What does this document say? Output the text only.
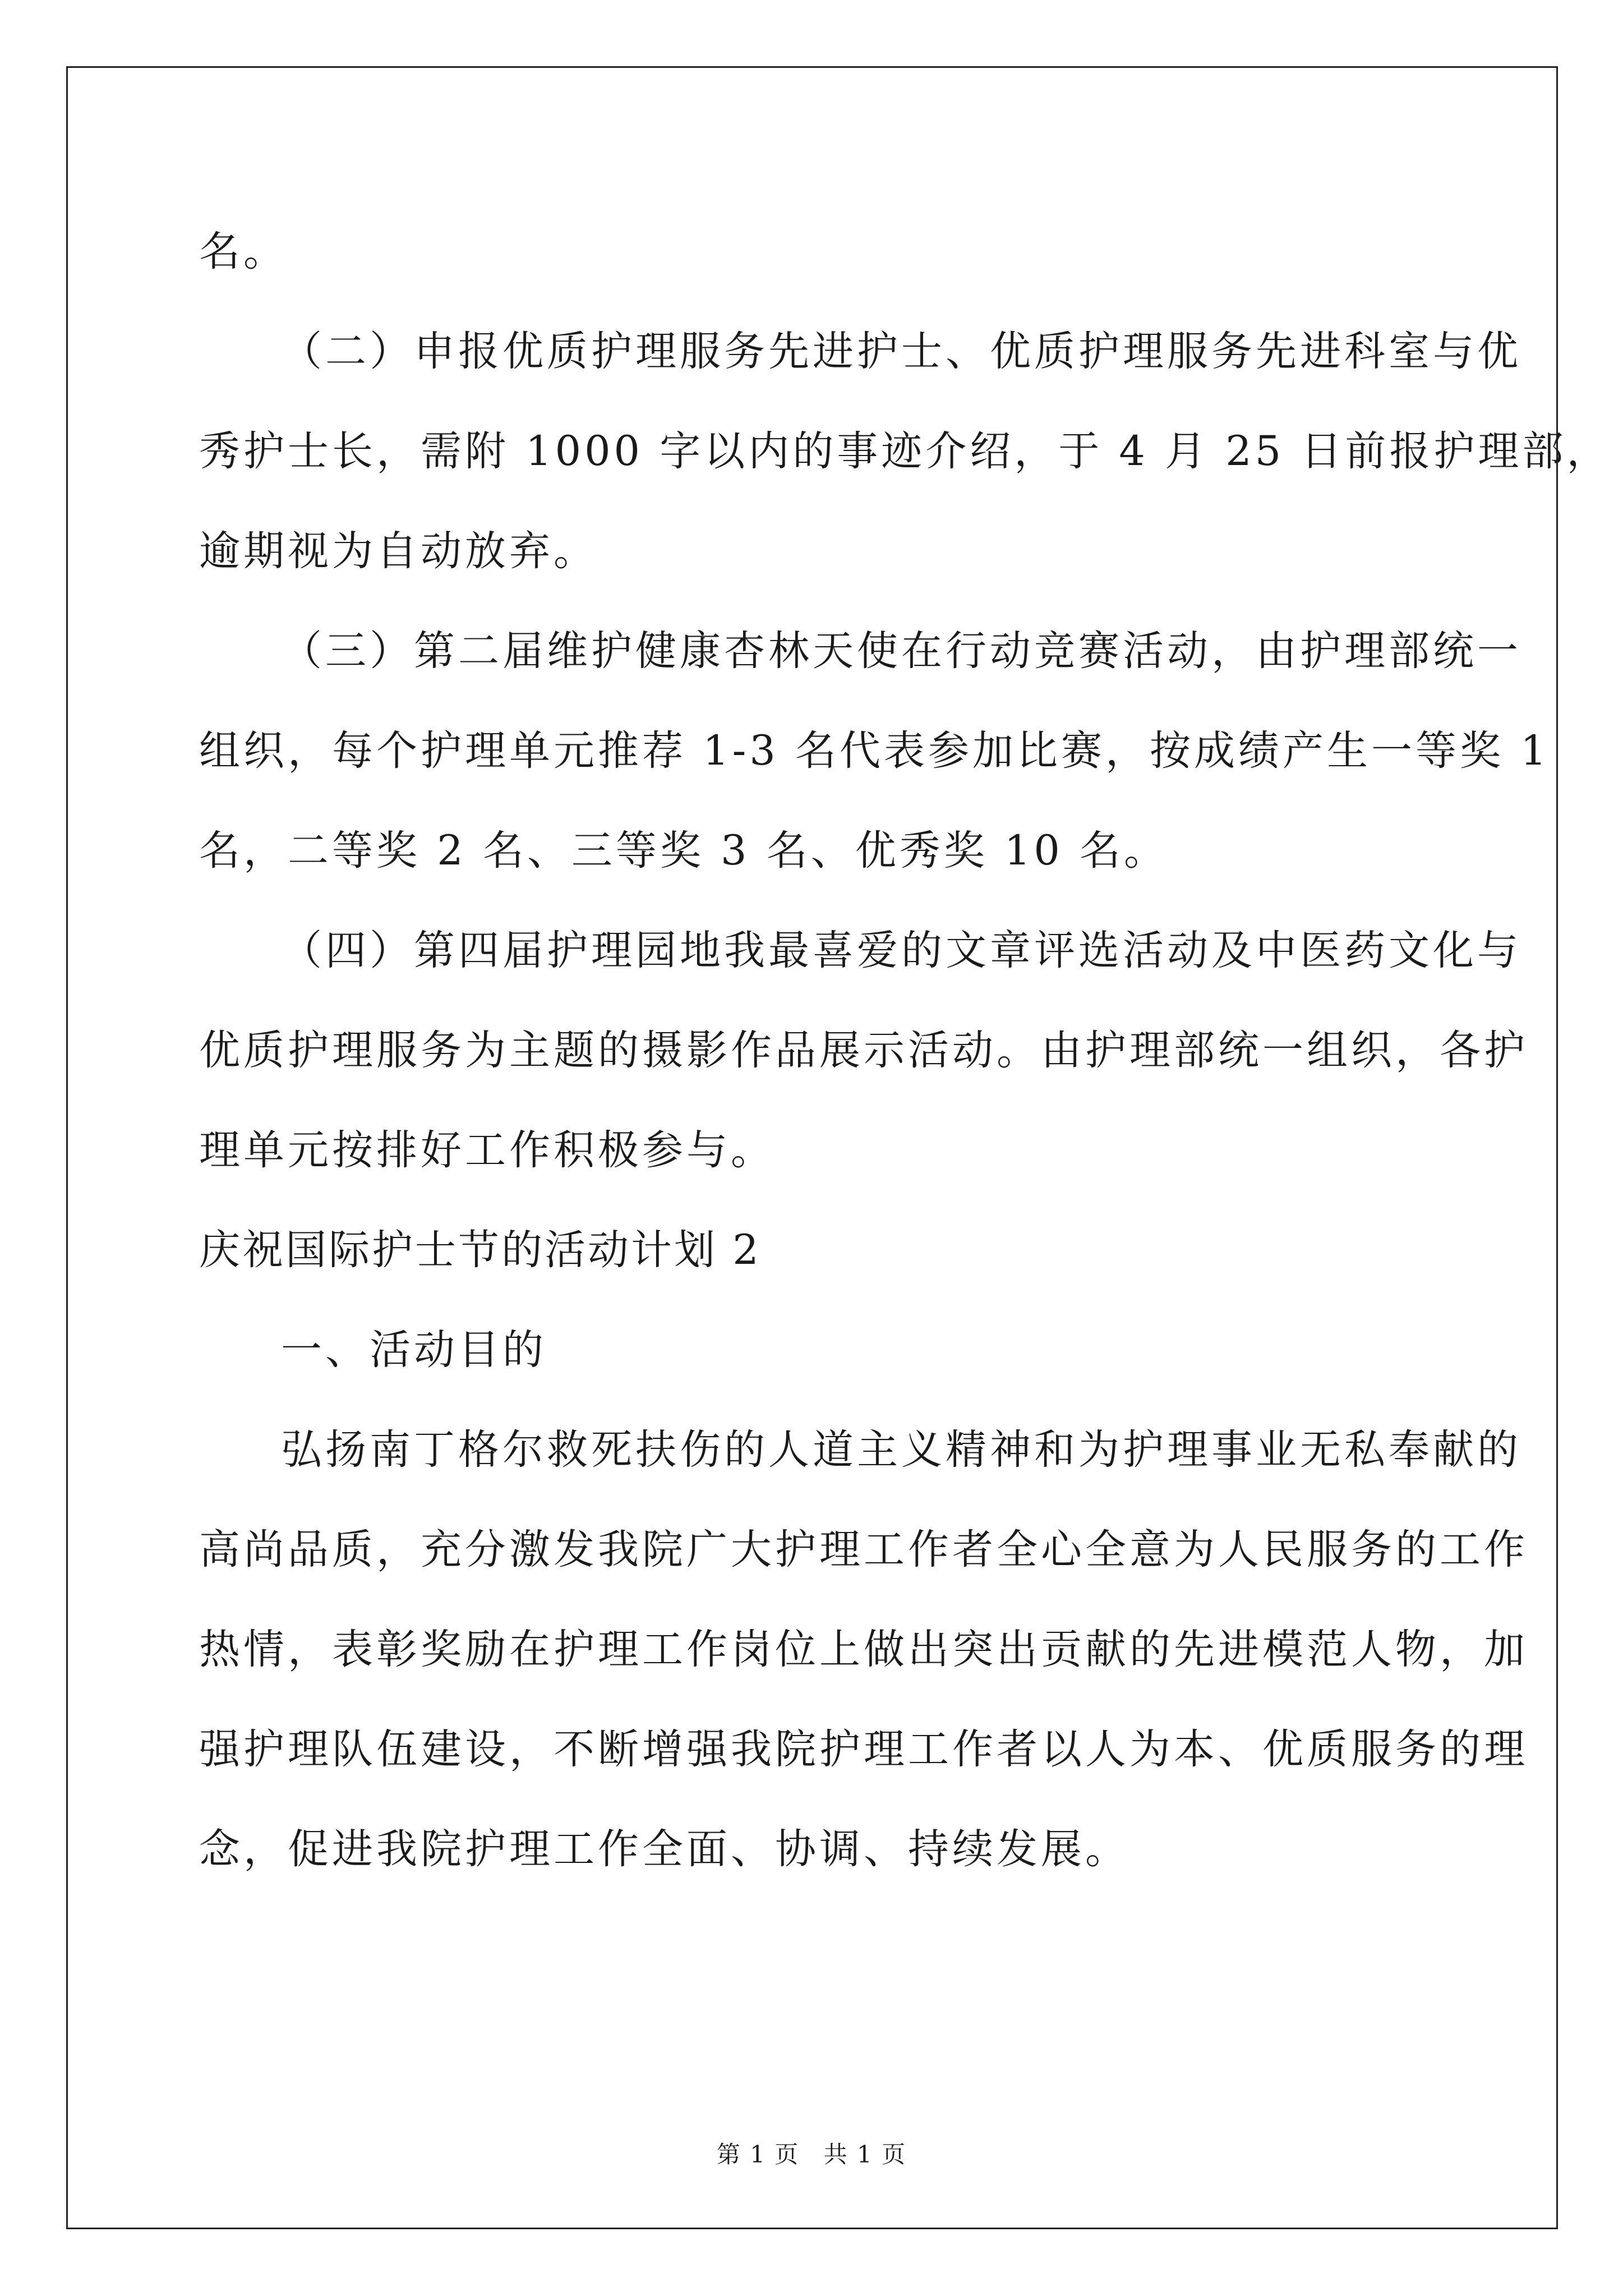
名。

（二）申报优质护理服务先进护士、优质护理服务先进科室与优

秀护士长，需附 1000 字以内的事迹介绍，于 4 月 25 日前报护理部，

逾期视为自动放弃。

（三）第二届维护健康杏林天使在行动竞赛活动，由护理部统一

组织，每个护理单元推荐 1-3 名代表参加比赛，按成绩产生一等奖 1

名，二等奖 2 名、三等奖 3 名、优秀奖 10 名。

（四）第四届护理园地我最喜爱的文章评选活动及中医药文化与

优质护理服务为主题的摄影作品展示活动。由护理部统一组织，各护

理单元按排好工作积极参与。

庆祝国际护士节的活动计划 2

一、活动目的

弘扬南丁格尔救死扶伤的人道主义精神和为护理事业无私奉献的

高尚品质，充分激发我院广大护理工作者全心全意为人民服务的工作

热情，表彰奖励在护理工作岗位上做出突出贡献的先进模范人物，加

强护理队伍建设，不断增强我院护理工作者以人为本、优质服务的理

念，促进我院护理工作全面、协调、持续发展。

第 1 页 共 1 页
